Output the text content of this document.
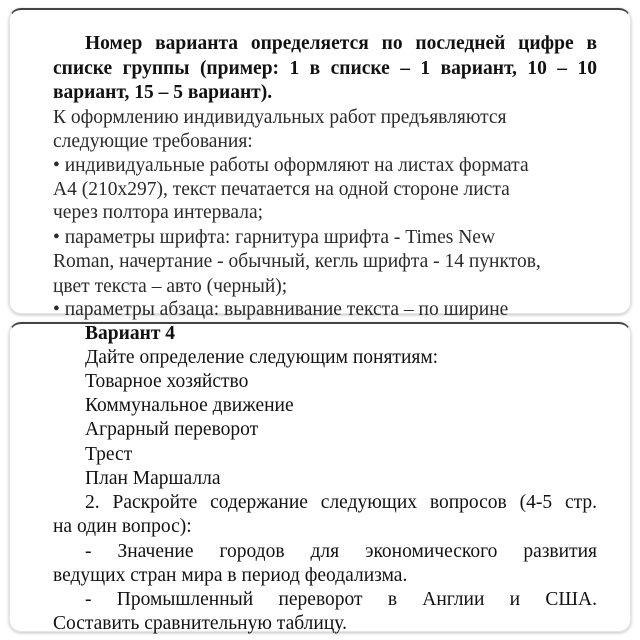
Номер варианта определяется по последней цифре в
списке группы (пример: 1 в списке – 1 вариант, 10 – 10
вариант, 15 – 5 вариант).
К оформлению индивидуальных работ предъявляются
следующие требования:
• индивидуальные работы оформляют на листах формата
А4 (210х297), текст печатается на одной стороне листа
через полтора интервала;
• параметры шрифта: гарнитура шрифта - Times New
Roman, начертание - обычный, кегль шрифта - 14 пунктов,
цвет текста – авто (черный);
• параметры абзаца: выравнивание текста – по ширине
Вариант 4
Дайте определение следующим понятиям:
Товарное хозяйство
Коммунальное движение
Аграрный переворот
Трест
План Маршалла
2. Раскройте содержание следующих вопросов (4-5 стр.
на один вопрос):
- Значение городов для экономического развития
ведущих стран мира в период феодализма.
- Промышленный переворот в Англии и США.
Составить сравнительную таблицу.
